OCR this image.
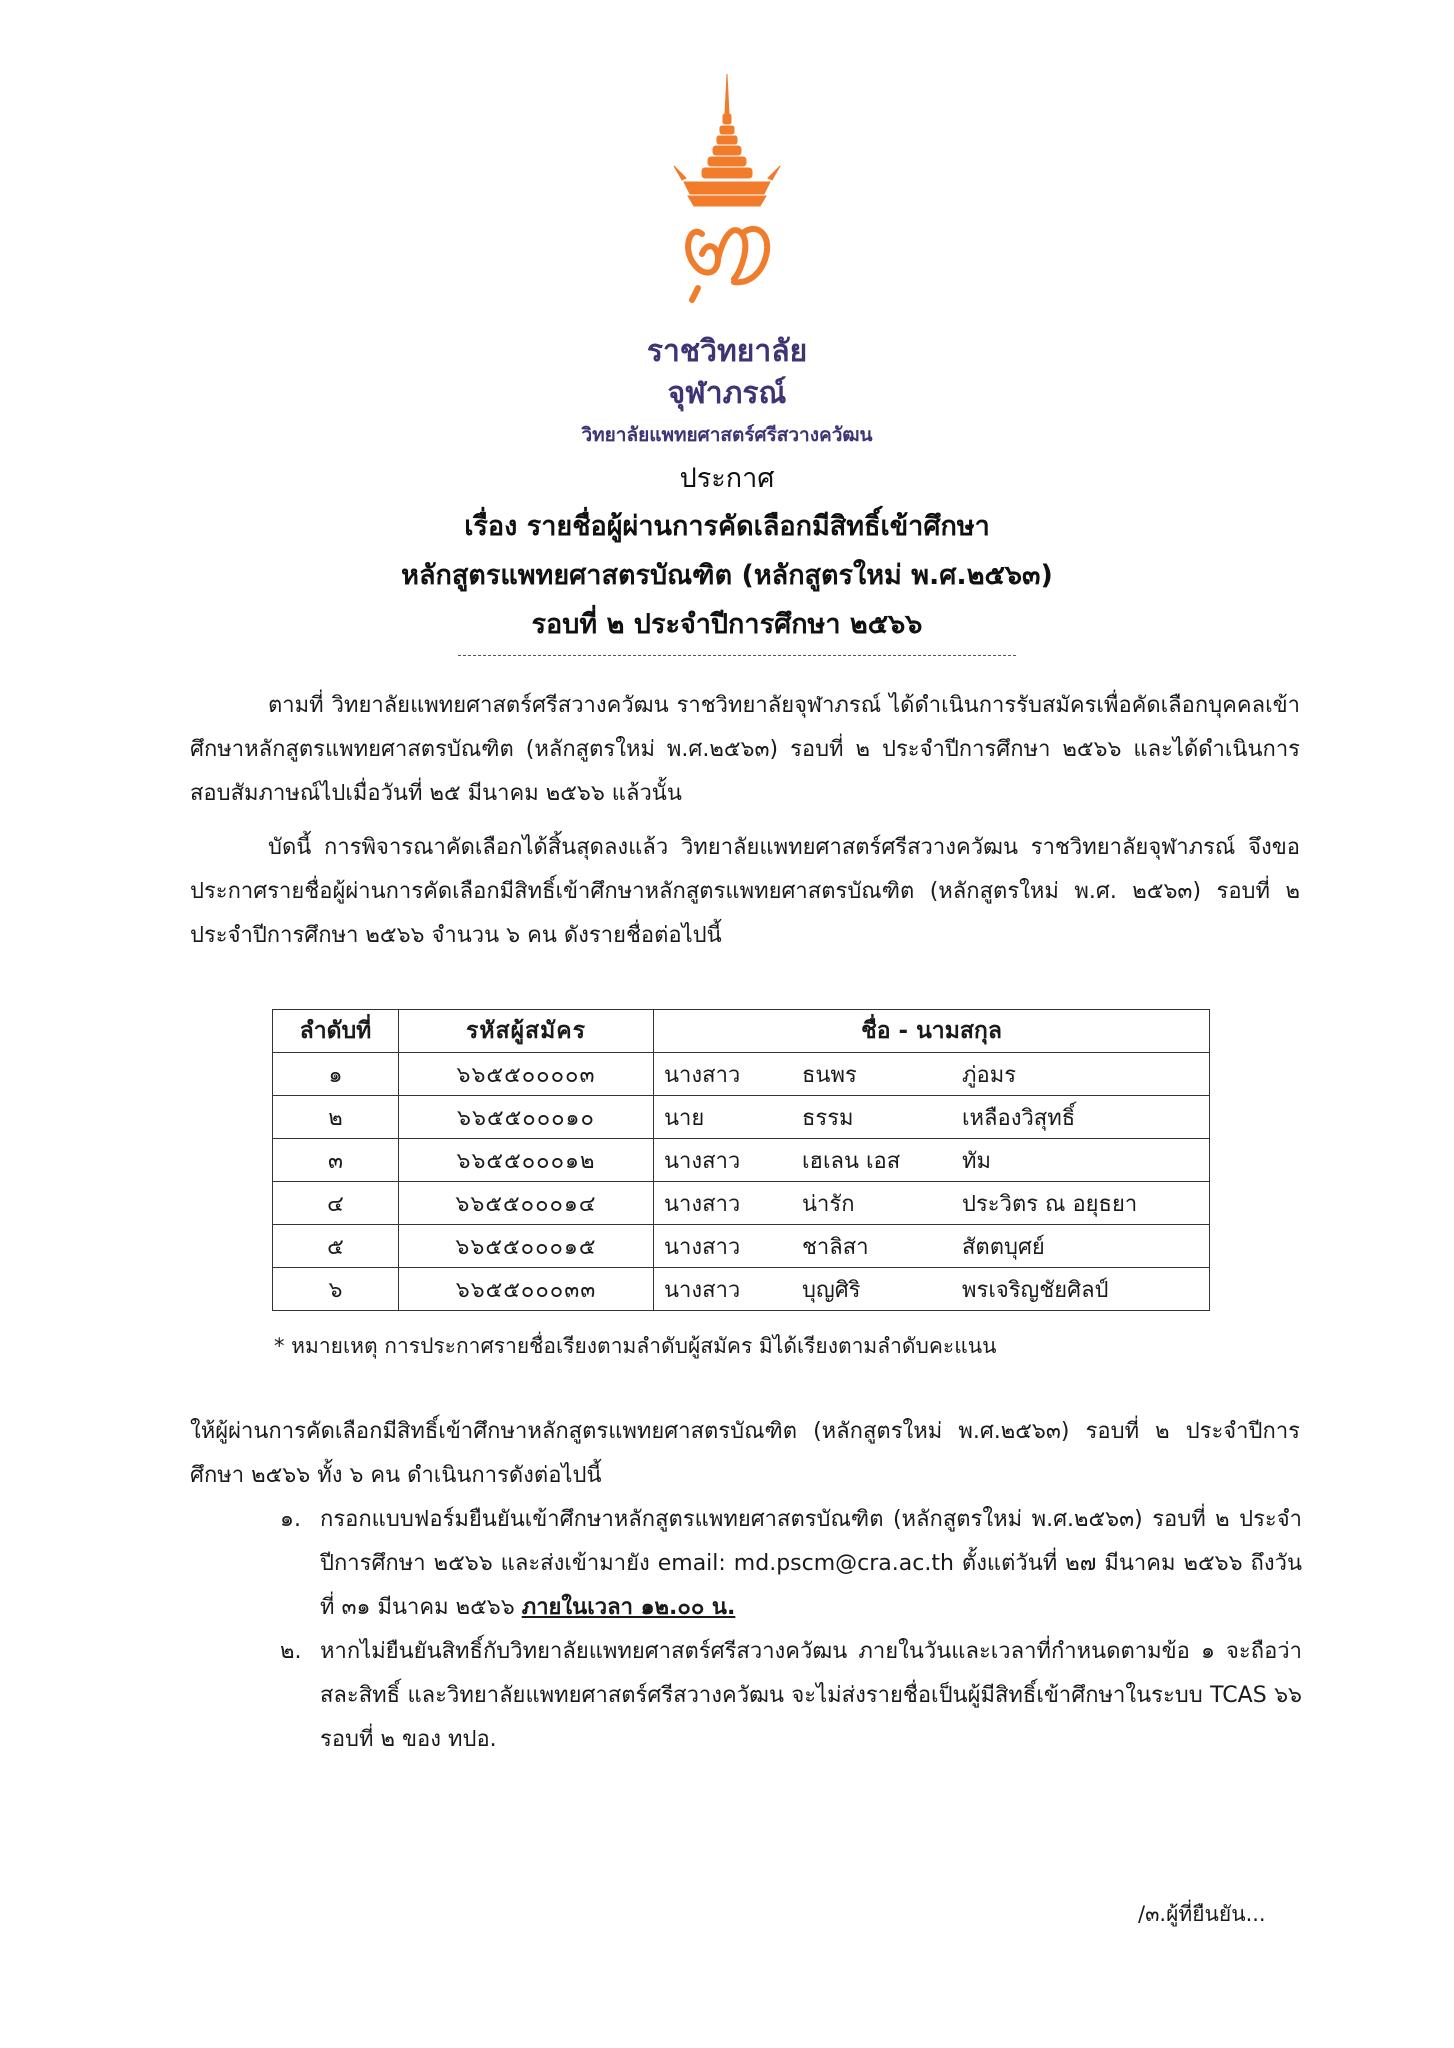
ราชวิทยาลัย

จุฬาภรณ์

วิทยาลัยแพทยศาสตร์ศรีสวางควัฒน

ประกาศ

เรื่อง รายชื่อผู้ผ่านการคัดเลือกมีสิทธิ์เข้าศึกษา

หลักสูตรแพทยศาสตรบัณฑิต (หลักสูตรใหม่ พ.ศ.๒๕๖๓)

รอบที่ ๒ ประจำปีการศึกษา ๒๕๖๖

ตามที่ วิทยาลัยแพทยศาสตร์ศรีสวางควัฒน ราชวิทยาลัยจุฬาภรณ์ ได้ดำเนินการรับสมัครเพื่อคัดเลือกบุคคลเข้าศึกษาหลักสูตรแพทยศาสตรบัณฑิต (หลักสูตรใหม่ พ.ศ.๒๕๖๓) รอบที่ ๒ ประจำปีการศึกษา ๒๕๖๖ และได้ดำเนินการสอบสัมภาษณ์ไปเมื่อวันที่ ๒๕ มีนาคม ๒๕๖๖ แล้วนั้น

บัดนี้ การพิจารณาคัดเลือกได้สิ้นสุดลงแล้ว วิทยาลัยแพทยศาสตร์ศรีสวางควัฒน ราชวิทยาลัยจุฬาภรณ์ จึงขอประกาศรายชื่อผู้ผ่านการคัดเลือกมีสิทธิ์เข้าศึกษาหลักสูตรแพทยศาสตรบัณฑิต (หลักสูตรใหม่ พ.ศ. ๒๕๖๓) รอบที่ ๒ ประจำปีการศึกษา ๒๕๖๖ จำนวน ๖ คน ดังรายชื่อต่อไปนี้

ลำดับที่	รหัสผู้สมัคร	ชื่อ - นามสกุล
๑	๖๖๕๕๐๐๐๐๓	นางสาว ธนพร ภู่อมร

๒	๖๖๕๕๐๐๐๑๐	นาย ธรรม เหลืองวิสุทธิ์

๓	๖๖๕๕๐๐๐๑๒	นางสาว เฮเลน เอส ทัม

๔	๖๖๕๕๐๐๐๑๔	นางสาว น่ารัก ประวิตร ณ อยุธยา

๕	๖๖๕๕๐๐๐๑๕	นางสาว ชาลิสา สัตตบุศย์

๖	๖๖๕๕๐๐๐๓๓	นางสาว บุญศิริ พรเจริญชัยศิลป์

* หมายเหตุ การประกาศรายชื่อเรียงตามลำดับผู้สมัคร มิได้เรียงตามลำดับคะแนน

ให้ผู้ผ่านการคัดเลือกมีสิทธิ์เข้าศึกษาหลักสูตรแพทยศาสตรบัณฑิต (หลักสูตรใหม่ พ.ศ.๒๕๖๓) รอบที่ ๒ ประจำปีการศึกษา ๒๕๖๖ ทั้ง ๖ คน ดำเนินการดังต่อไปนี้

๑. กรอกแบบฟอร์มยืนยันเข้าศึกษาหลักสูตรแพทยศาสตรบัณฑิต (หลักสูตรใหม่ พ.ศ.๒๕๖๓) รอบที่ ๒ ประจำปีการศึกษา ๒๕๖๖ และส่งเข้ามายัง email: md.pscm@cra.ac.th ตั้งแต่วันที่ ๒๗ มีนาคม ๒๕๖๖ ถึงวันที่ ๓๑ มีนาคม ๒๕๖๖ ภายในเวลา ๑๒.๐๐ น.

๒. หากไม่ยืนยันสิทธิ์กับวิทยาลัยแพทยศาสตร์ศรีสวางควัฒน ภายในวันและเวลาที่กำหนดตามข้อ ๑ จะถือว่าสละสิทธิ์ และวิทยาลัยแพทยศาสตร์ศรีสวางควัฒน จะไม่ส่งรายชื่อเป็นผู้มีสิทธิ์เข้าศึกษาในระบบ TCAS ๖๖ รอบที่ ๒ ของ ทปอ.

/๓.ผู้ที่ยืนยัน...
